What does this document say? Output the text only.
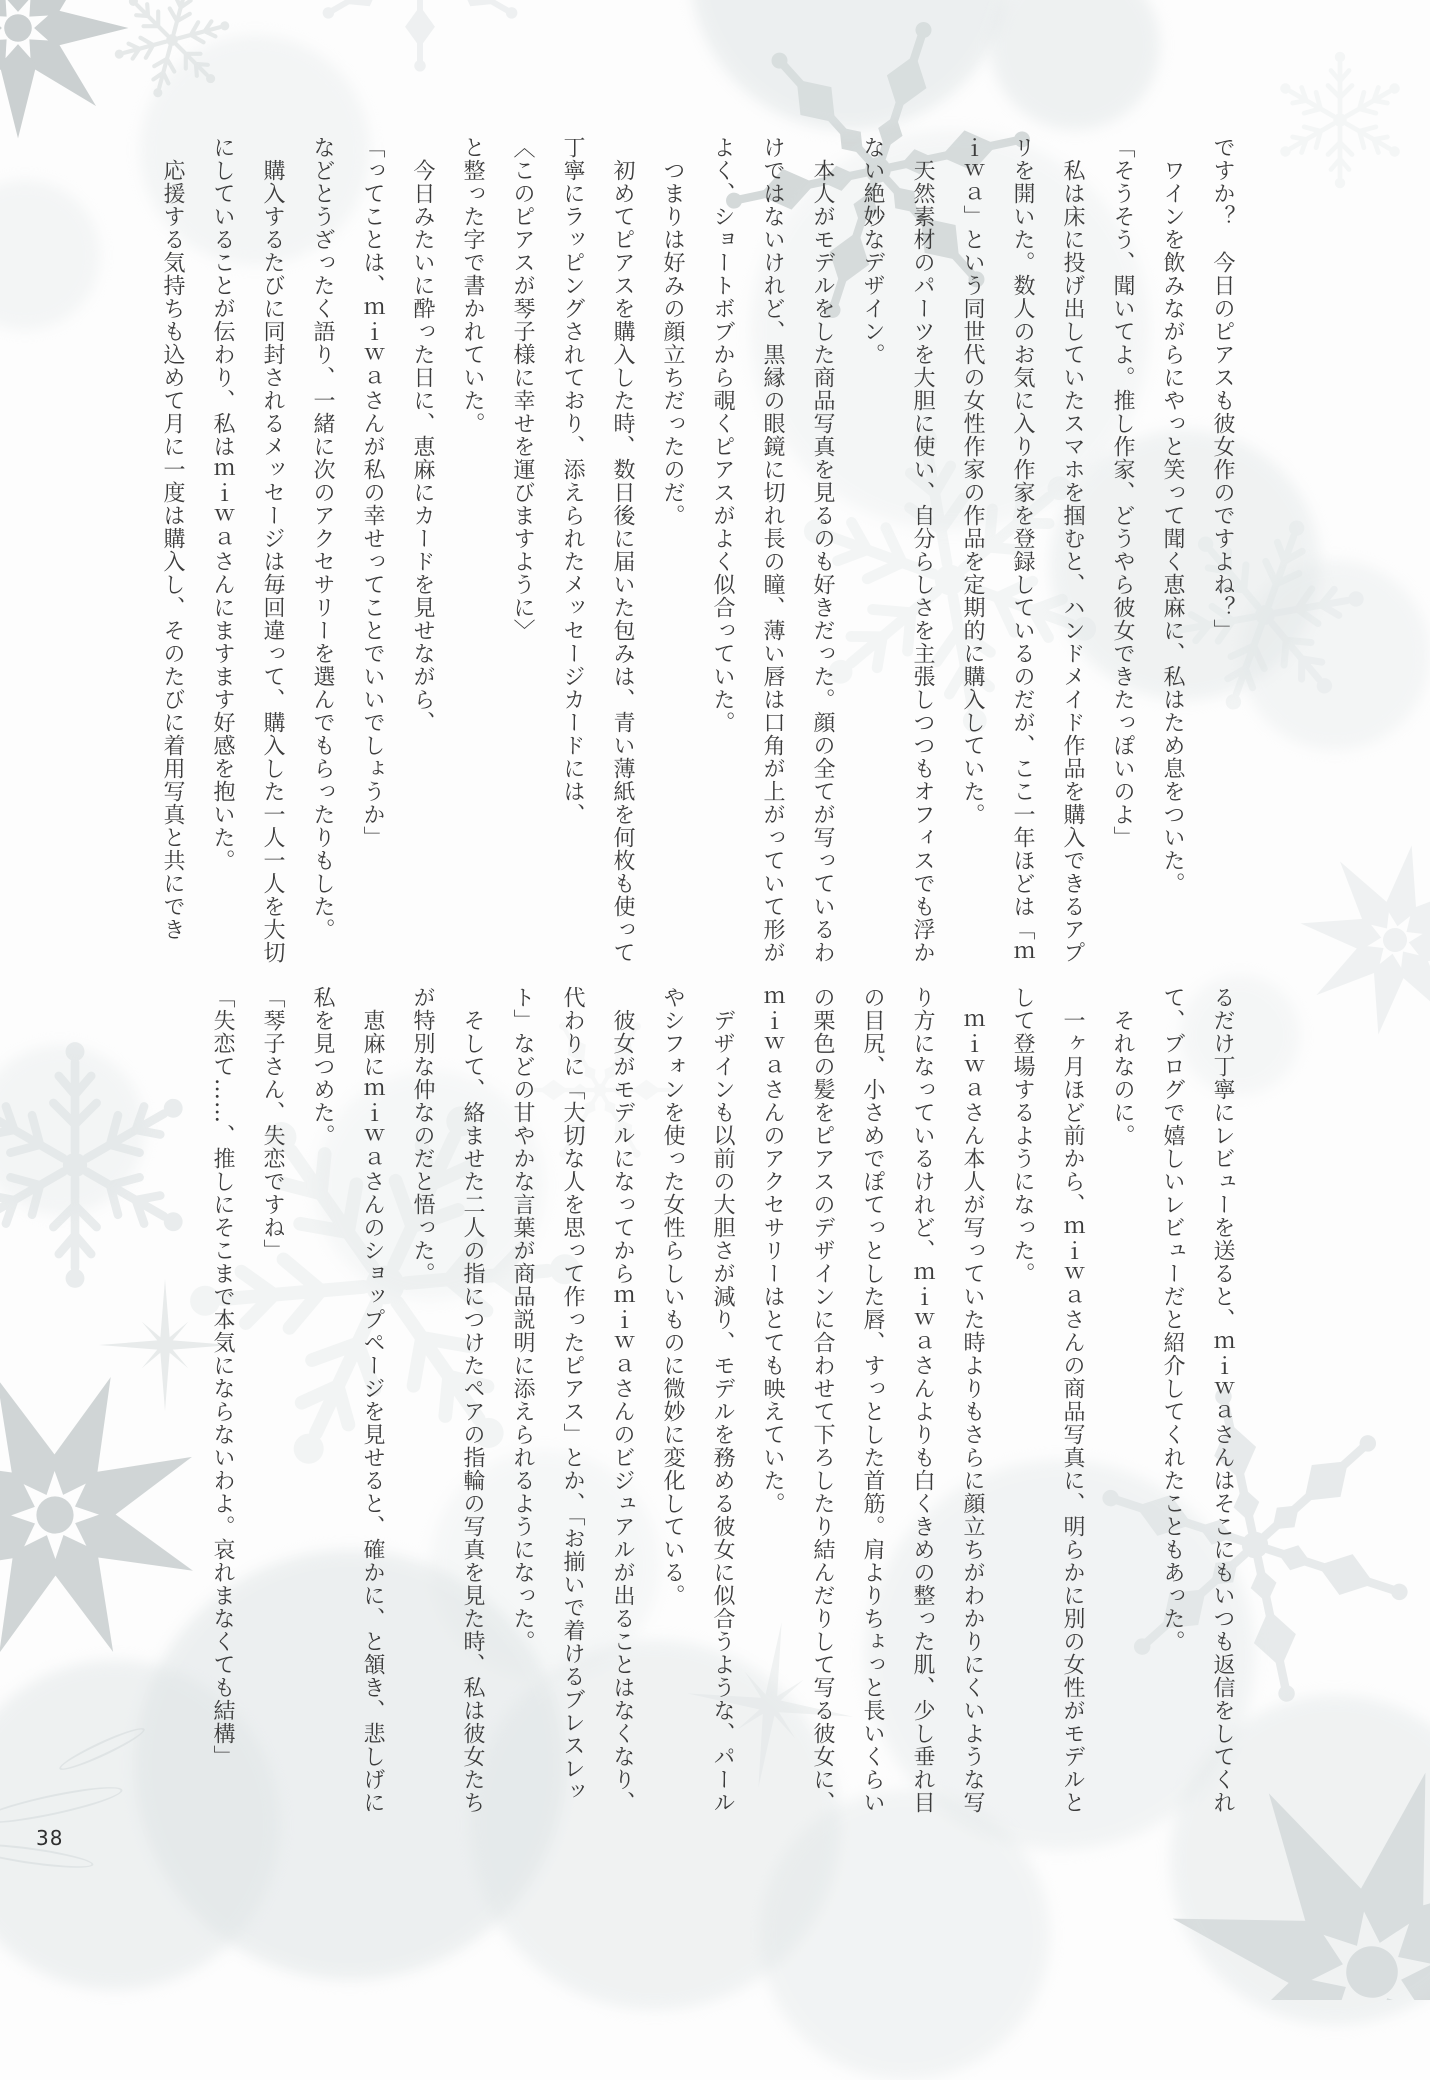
ですか？　今日のピアスも彼女作のですよね？」

　ワインを飲みながらにやっと笑って聞く恵麻に、私はため息をついた。

「そうそう、聞いてよ。推し作家、どうやら彼女できたっぽいのよ」

　私は床に投げ出していたスマホを掴むと、ハンドメイド作品を購入できるアプリを開いた。数人のお気に入り作家を登録しているのだが、ここ一年ほどは「ｍｉｗａ」という同世代の女性作家の作品を定期的に購入していた。

　天然素材のパーツを大胆に使い、自分らしさを主張しつつもオフィスでも浮かない絶妙なデザイン。

　本人がモデルをした商品写真を見るのも好きだった。顔の全てが写っているわけではないけれど、黒縁の眼鏡に切れ長の瞳、薄い唇は口角が上がっていて形がよく、ショートボブから覗くピアスがよく似合っていた。

　つまりは好みの顔立ちだったのだ。

　初めてピアスを購入した時、数日後に届いた包みは、青い薄紙を何枚も使って丁寧にラッピングされており、添えられたメッセージカードには、

〈このピアスが琴子様に幸せを運びますように〉

と整った字で書かれていた。

　今日みたいに酔った日に、恵麻にカードを見せながら、

「ってことは、ｍｉｗａさんが私の幸せってことでいいでしょうか」

などとうざったく語り、一緒に次のアクセサリーを選んでもらったりもした。

　購入するたびに同封されるメッセージは毎回違って、購入した一人一人を大切にしていることが伝わり、私はｍｉｗａさんにますます好感を抱いた。

　応援する気持ちも込めて月に一度は購入し、そのたびに着用写真と共にでき

るだけ丁寧にレビューを送ると、ｍｉｗａさんはそこにもいつも返信をしてくれて、ブログで嬉しいレビューだと紹介してくれたこともあった。

　それなのに。

　一ヶ月ほど前から、ｍｉｗａさんの商品写真に、明らかに別の女性がモデルとして登場するようになった。

　ｍｉｗａさん本人が写っていた時よりもさらに顔立ちがわかりにくいような写り方になっているけれど、ｍｉｗａさんよりも白くきめの整った肌、少し垂れ目の目尻、小さめでぽてっとした唇、すっとした首筋。肩よりちょっと長いくらいの栗色の髪をピアスのデザインに合わせて下ろしたり結んだりして写る彼女に、ｍｉｗａさんのアクセサリーはとても映えていた。

　デザインも以前の大胆さが減り、モデルを務める彼女に似合うような、パールやシフォンを使った女性らしいものに微妙に変化している。

　彼女がモデルになってからｍｉｗａさんのビジュアルが出ることはなくなり、代わりに「大切な人を思って作ったピアス」とか、「お揃いで着けるブレスレット」などの甘やかな言葉が商品説明に添えられるようになった。

　そして、絡ませた二人の指につけたペアの指輪の写真を見た時、私は彼女たちが特別な仲なのだと悟った。

　恵麻にｍｉｗａさんのショップページを見せると、確かに、と頷き、悲しげに私を見つめた。

「琴子さん、失恋ですね」

「失恋て……、推しにそこまで本気にならないわよ。哀れまなくても結構」

38
